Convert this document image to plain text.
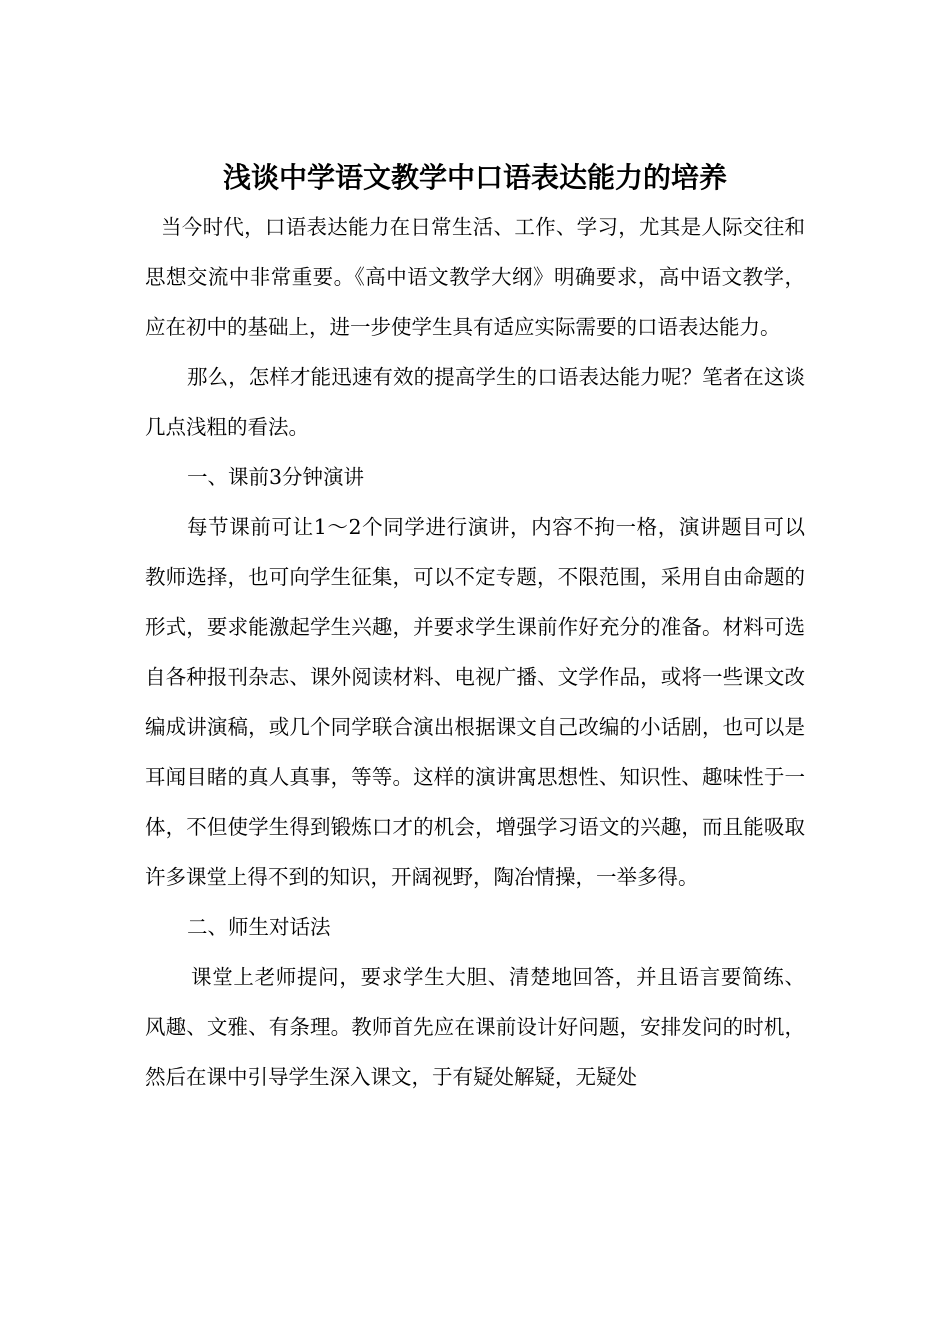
浅谈中学语文教学中口语表达能力的培养

当今时代，口语表达能力在日常生活、工作、学习，尤其是人际交往和思想交流中非常重要。《高中语文教学大纲》明确要求，高中语文教学，应在初中的基础上，进一步使学生具有适应实际需要的口语表达能力。

那么，怎样才能迅速有效的提高学生的口语表达能力呢？笔者在这谈几点浅粗的看法。

一、课前3分钟演讲

每节课前可让1～2个同学进行演讲，内容不拘一格，演讲题目可以教师选择，也可向学生征集，可以不定专题，不限范围，采用自由命题的形式，要求能激起学生兴趣，并要求学生课前作好充分的准备。材料可选自各种报刊杂志、课外阅读材料、电视广播、文学作品，或将一些课文改编成讲演稿，或几个同学联合演出根据课文自己改编的小话剧，也可以是耳闻目睹的真人真事，等等。这样的演讲寓思想性、知识性、趣味性于一体，不但使学生得到锻炼口才的机会，增强学习语文的兴趣，而且能吸取许多课堂上得不到的知识，开阔视野，陶冶情操，一举多得。

二、师生对话法

课堂上老师提问，要求学生大胆、清楚地回答，并且语言要简练、风趣、文雅、有条理。教师首先应在课前设计好问题，安排发问的时机，然后在课中引导学生深入课文，于有疑处解疑，无疑处
